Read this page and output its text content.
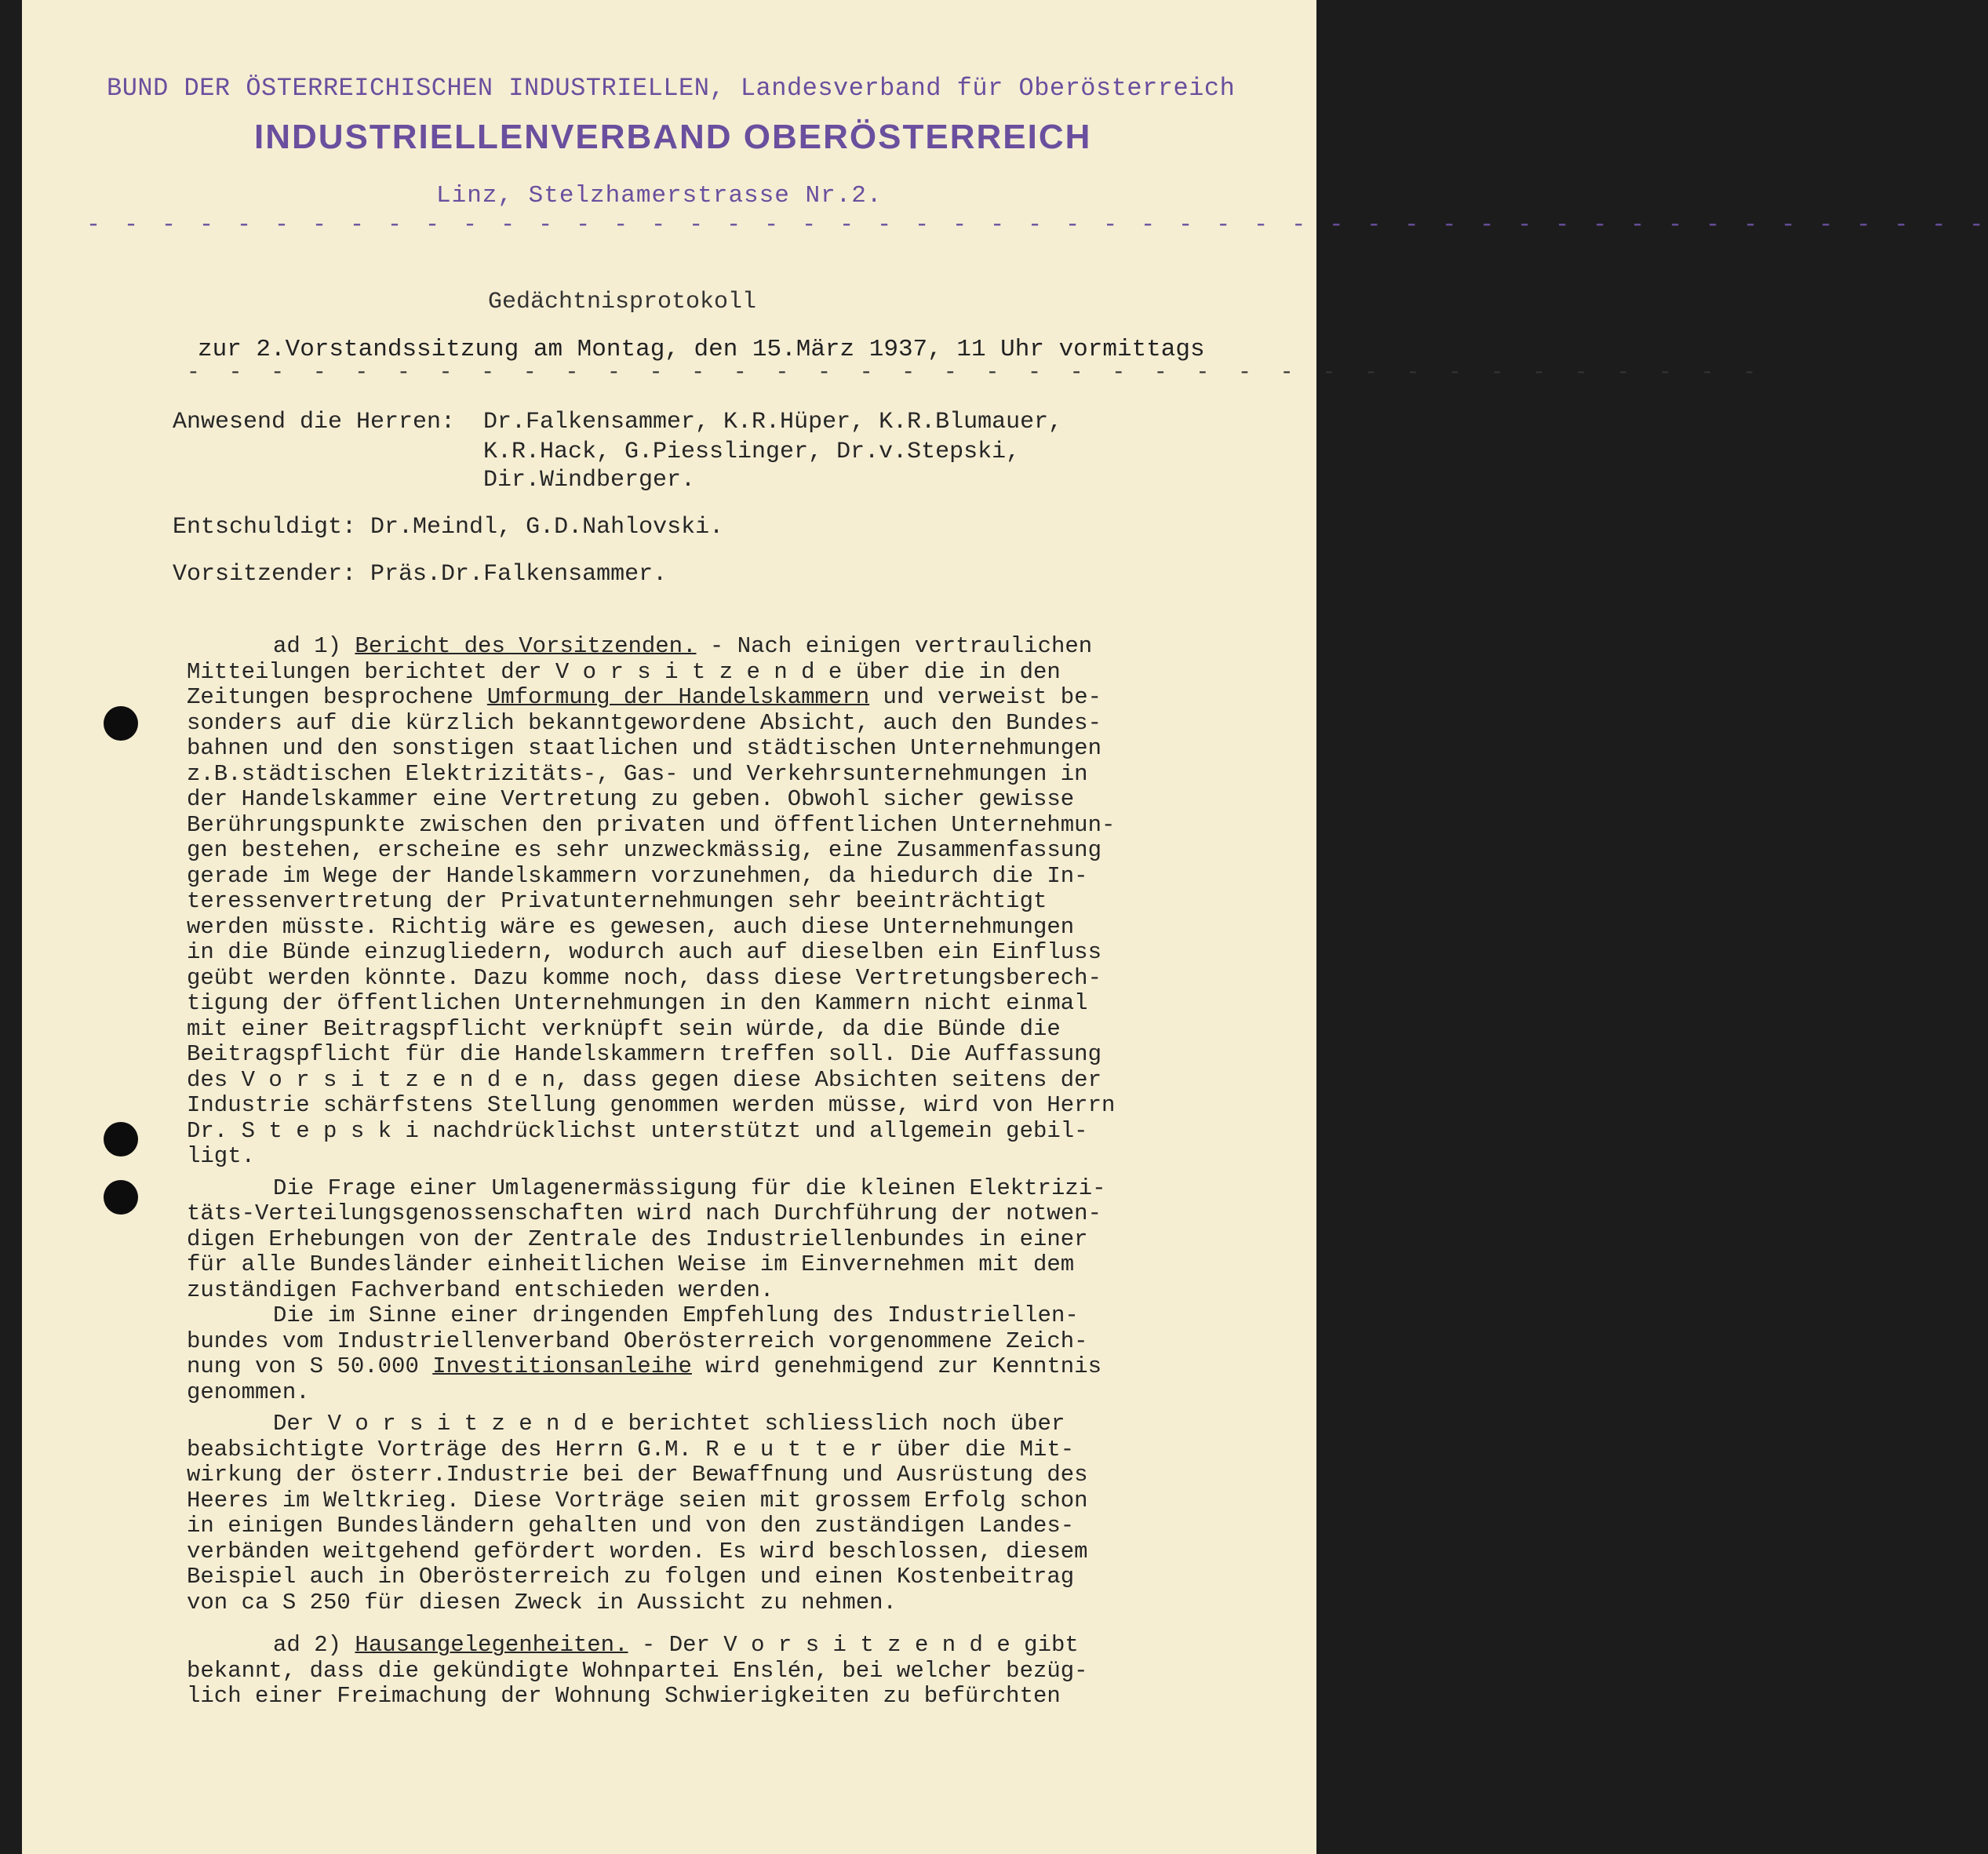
BUND DER ÖSTERREICHISCHEN INDUSTRIELLEN, Landesverband für Oberösterreich
INDUSTRIELLENVERBAND OBERÖSTERREICH
Linz, Stelzhamerstrasse Nr.2.
- - - - - - - - - - - - - - - - - - - - - - - - - - - - - - - - - - - - - - - - - - - - - - - - - - -
Gedächtnisprotokoll
zur 2.Vorstandssitzung am Montag, den 15.März 1937, 11 Uhr vormittags
- - - - - - - - - - - - - - - - - - - - - - - - - - - - - - - - - - - - - -
Anwesend die Herren: Dr.Falkensammer, K.R.Hüper, K.R.Blumauer,
K.R.Hack, G.Piesslinger, Dr.v.Stepski,
Dir.Windberger.
Entschuldigt: Dr.Meindl, G.D.Nahlovski.
Vorsitzender: Präs.Dr.Falkensammer.

ad 1) Bericht des Vorsitzenden. - Nach einigen vertraulichen

Mitteilungen berichtet der V o r s i t z e n d e über die in den

Zeitungen besprochene Umformung der Handelskammern und verweist be-

sonders auf die kürzlich bekanntgewordene Absicht, auch den Bundes-

bahnen und den sonstigen staatlichen und städtischen Unternehmungen

z.B.städtischen Elektrizitäts-, Gas- und Verkehrsunternehmungen in

der Handelskammer eine Vertretung zu geben. Obwohl sicher gewisse

Berührungspunkte zwischen den privaten und öffentlichen Unternehmun-

gen bestehen, erscheine es sehr unzweckmässig, eine Zusammenfassung

gerade im Wege der Handelskammern vorzunehmen, da hiedurch die In-

teressenvertretung der Privatunternehmungen sehr beeinträchtigt

werden müsste. Richtig wäre es gewesen, auch diese Unternehmungen

in die Bünde einzugliedern, wodurch auch auf dieselben ein Einfluss

geübt werden könnte. Dazu komme noch, dass diese Vertretungsberech-

tigung der öffentlichen Unternehmungen in den Kammern nicht einmal

mit einer Beitragspflicht verknüpft sein würde, da die Bünde die

Beitragspflicht für die Handelskammern treffen soll. Die Auffassung

des V o r s i t z e n d e n, dass gegen diese Absichten seitens der

Industrie schärfstens Stellung genommen werden müsse, wird von Herrn

Dr. S t e p s k i nachdrücklichst unterstützt und allgemein gebil-

ligt.

Die Frage einer Umlagenermässigung für die kleinen Elektrizi-

täts-Verteilungsgenossenschaften wird nach Durchführung der notwen-

digen Erhebungen von der Zentrale des Industriellenbundes in einer

für alle Bundesländer einheitlichen Weise im Einvernehmen mit dem

zuständigen Fachverband entschieden werden.

Die im Sinne einer dringenden Empfehlung des Industriellen-

bundes vom Industriellenverband Oberösterreich vorgenommene Zeich-

nung von S 50.000 Investitionsanleihe wird genehmigend zur Kenntnis

genommen.

Der V o r s i t z e n d e berichtet schliesslich noch über

beabsichtigte Vorträge des Herrn G.M. R e u t t e r über die Mit-

wirkung der österr.Industrie bei der Bewaffnung und Ausrüstung des

Heeres im Weltkrieg. Diese Vorträge seien mit grossem Erfolg schon

in einigen Bundesländern gehalten und von den zuständigen Landes-

verbänden weitgehend gefördert worden. Es wird beschlossen, diesem

Beispiel auch in Oberösterreich zu folgen und einen Kostenbeitrag

von ca S 250 für diesen Zweck in Aussicht zu nehmen.

ad 2) Hausangelegenheiten. - Der V o r s i t z e n d e gibt

bekannt, dass die gekündigte Wohnpartei Enslén, bei welcher bezüg-

lich einer Freimachung der Wohnung Schwierigkeiten zu befürchten
